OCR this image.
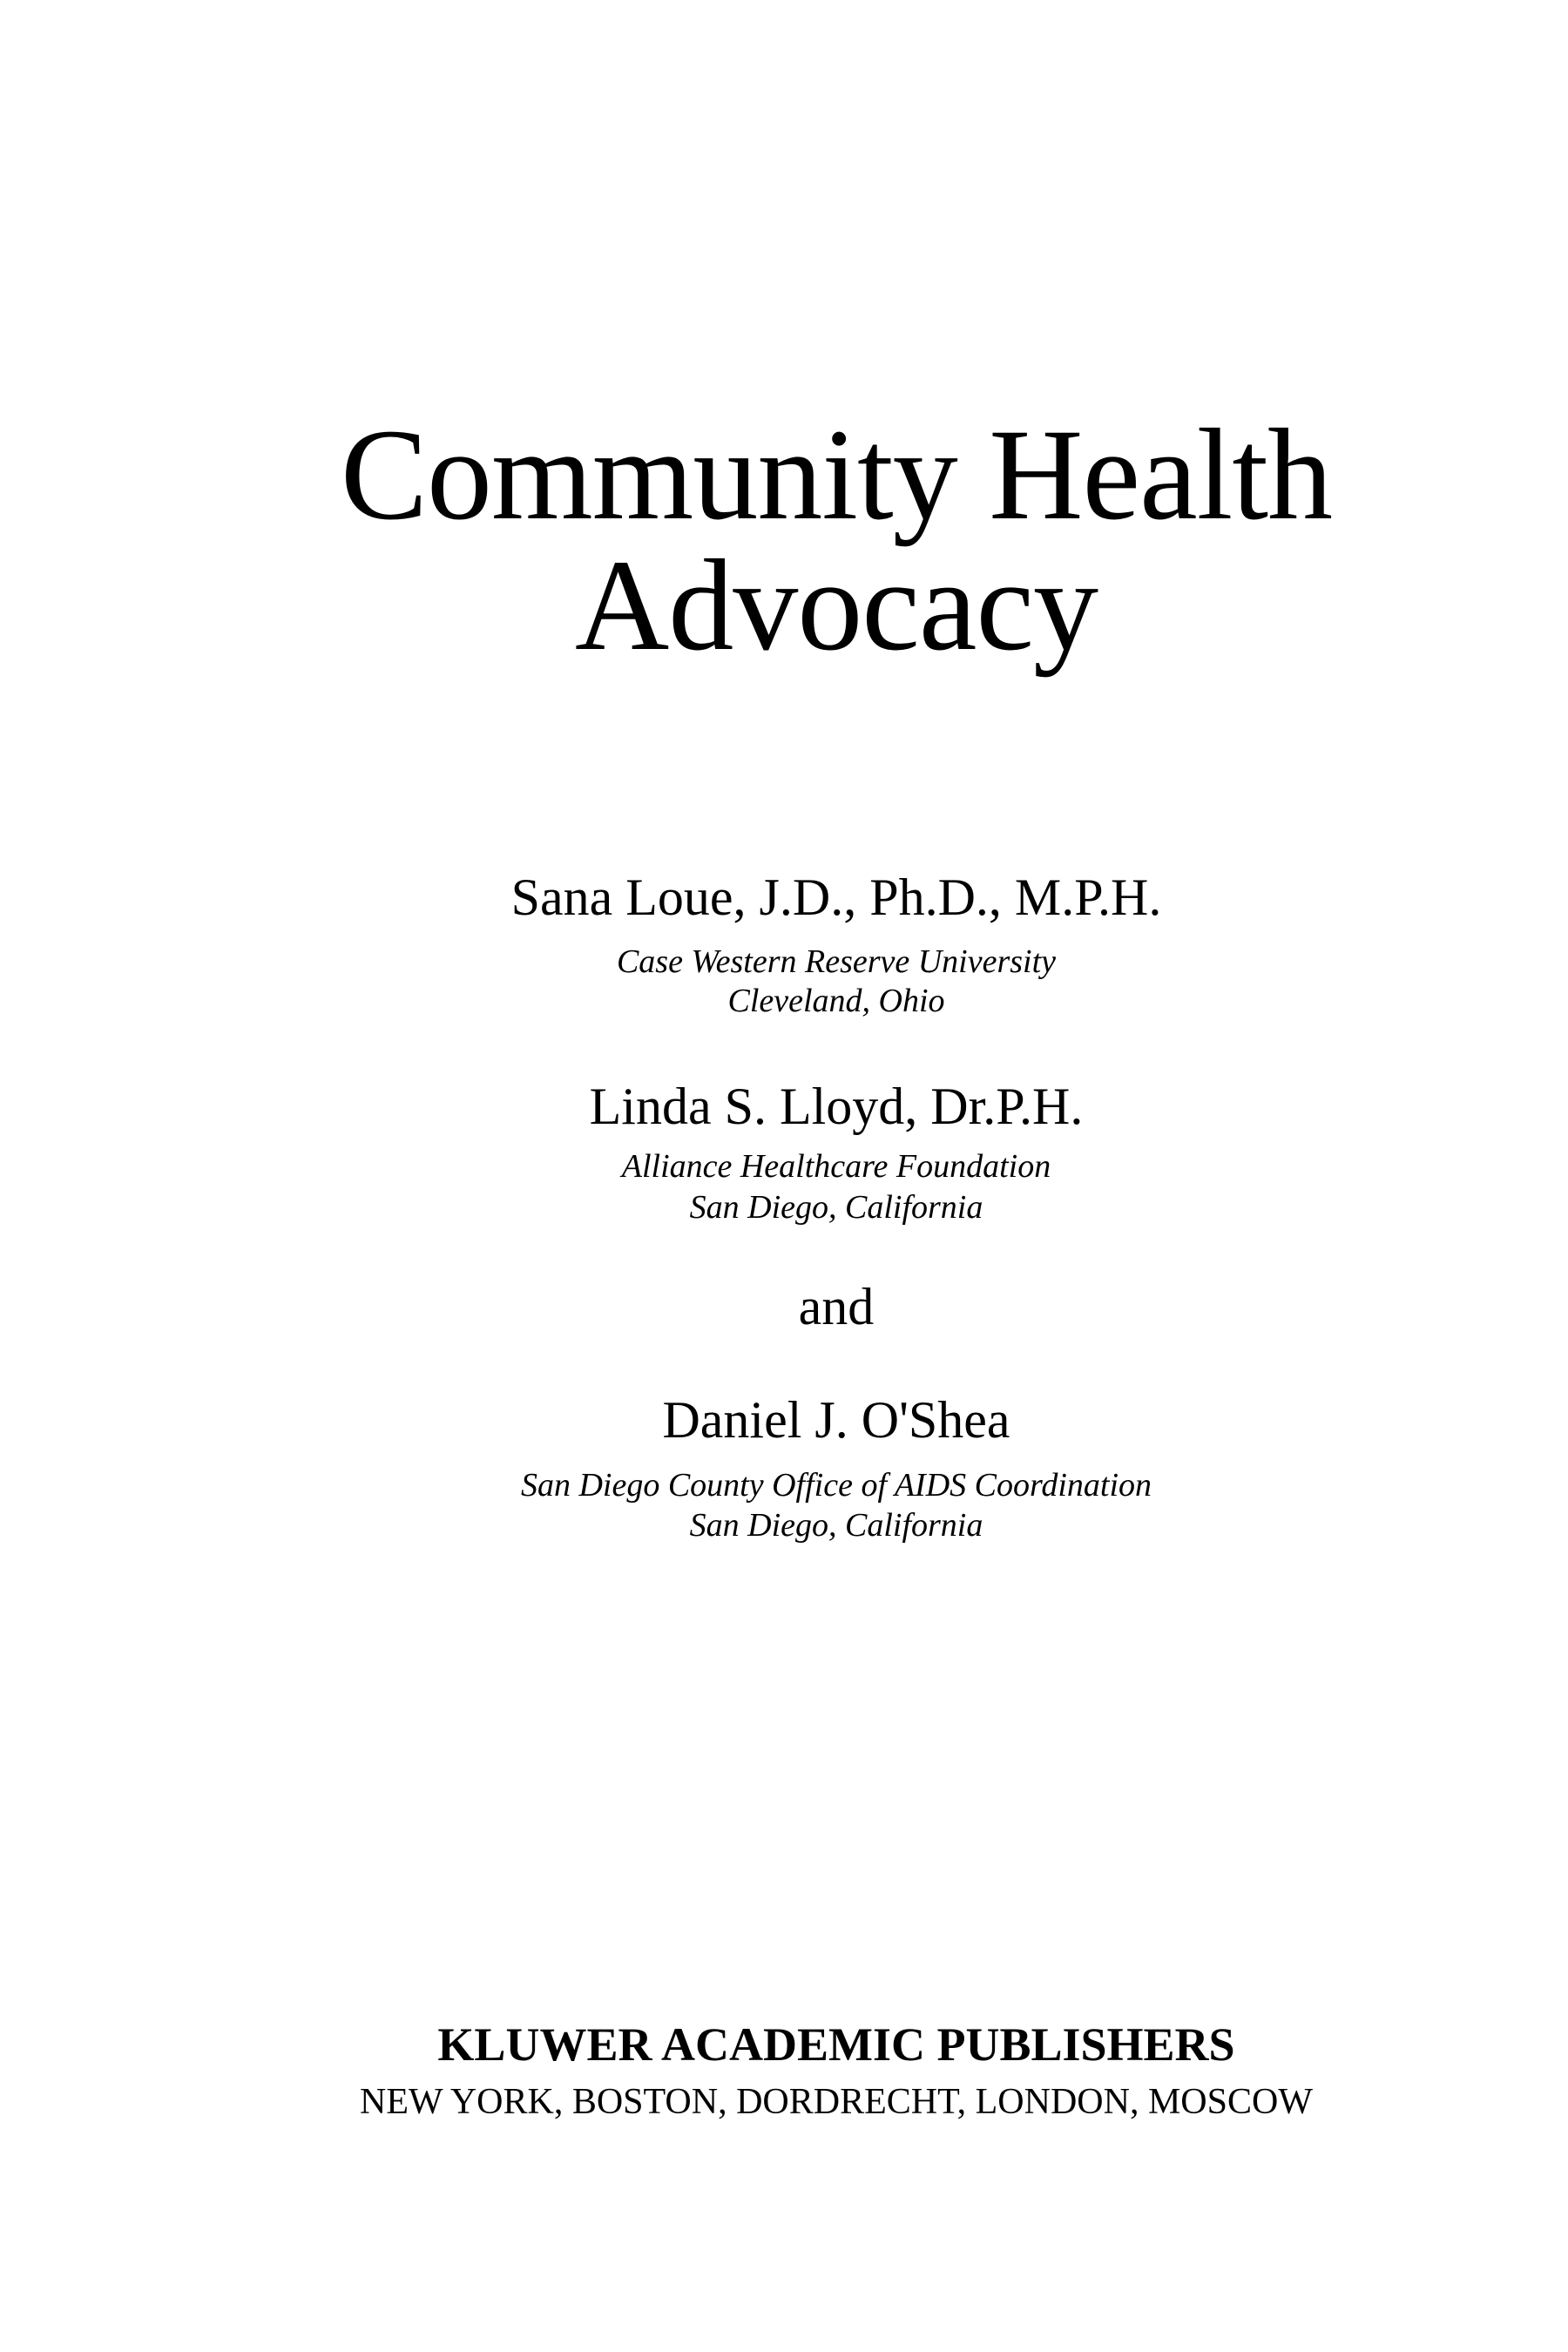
Community Health
Advocacy
Sana Loue, J.D., Ph.D., M.P.H.
Case Western Reserve University
Cleveland, Ohio
Linda S. Lloyd, Dr.P.H.
Alliance Healthcare Foundation
San Diego, California
and
Daniel J. O'Shea
San Diego County Office of AIDS Coordination
San Diego, California
KLUWER ACADEMIC PUBLISHERS
NEW YORK, BOSTON, DORDRECHT, LONDON, MOSCOW
